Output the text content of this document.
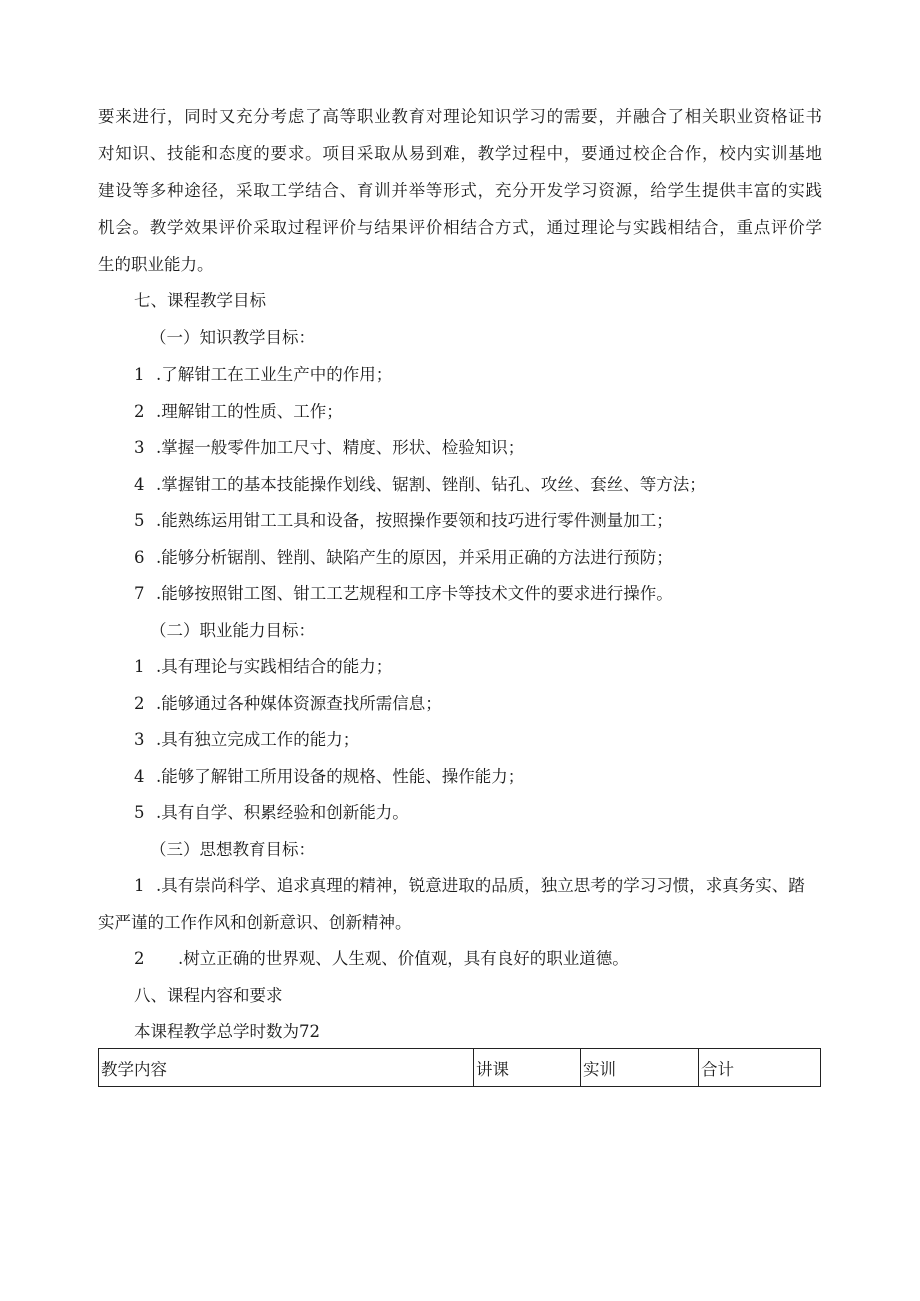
要来进行，同时又充分考虑了高等职业教育对理论知识学习的需要，并融合了相关职业资格证书
对知识、技能和态度的要求。项目采取从易到难，教学过程中，要通过校企合作，校内实训基地
建设等多种途径，采取工学结合、育训并举等形式，充分开发学习资源，给学生提供丰富的实践
机会。教学效果评价采取过程评价与结果评价相结合方式，通过理论与实践相结合，重点评价学
生的职业能力。
七、课程教学目标
（一）知识教学目标：
1 .了解钳工在工业生产中的作用；
2 .理解钳工的性质、工作；
3 .掌握一般零件加工尺寸、精度、形状、检验知识；
4 .掌握钳工的基本技能操作划线、锯割、锉削、钻孔、攻丝、套丝、等方法；
5 .能熟练运用钳工工具和设备，按照操作要领和技巧进行零件测量加工；
6 .能够分析锯削、锉削、缺陷产生的原因，并采用正确的方法进行预防；
7 .能够按照钳工图、钳工工艺规程和工序卡等技术文件的要求进行操作。
（二）职业能力目标：
1 .具有理论与实践相结合的能力；
2 .能够通过各种媒体资源查找所需信息；
3 .具有独立完成工作的能力；
4 .能够了解钳工所用设备的规格、性能、操作能力；
5 .具有自学、积累经验和创新能力。
（三）思想教育目标：
1 .具有崇尚科学、追求真理的精神，锐意进取的品质，独立思考的学习习惯，求真务实、踏
实严谨的工作作风和创新意识、创新精神。
2 .树立正确的世界观、人生观、价值观，具有良好的职业道德。
八、课程内容和要求
本课程教学总学时数为72
教学内容	讲课	实训	合计
